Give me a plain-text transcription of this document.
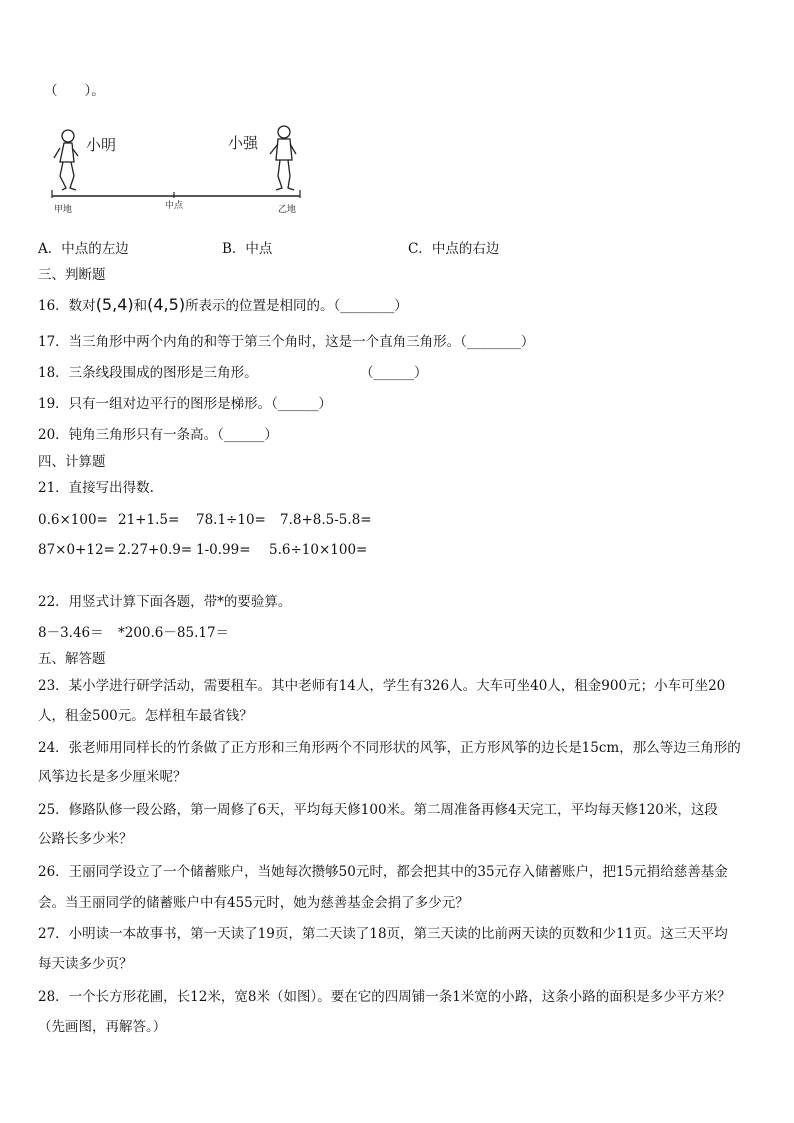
（　　）。
小明	小强
甲地	中点	乙地
A．中点的左边	B．中点	C．中点的右边
三、判断题
16．数对(5,4)和(4,5)所表示的位置是相同的。（________）
17．当三角形中两个内角的和等于第三个角时，这是一个直角三角形。（________）
18．三条线段围成的图形是三角形。	（______）
19．只有一组对边平行的图形是梯形。（______）
20．钝角三角形只有一条高。（______）
四、计算题
21．直接写出得数.
0.6×100= 21+1.5= 78.1÷10= 7.8+8.5-5.8=
87×0+12= 2.27+0.9= 1-0.99= 5.6÷10×100=
22．用竖式计算下面各题，带*的要验算。
8－3.46＝ *200.6－85.17＝
五、解答题
23．某小学进行研学活动，需要租车。其中老师有14人，学生有326人。大车可坐40人，租金900元；小车可坐20
人，租金500元。怎样租车最省钱？
24．张老师用同样长的竹条做了正方形和三角形两个不同形状的风筝，正方形风筝的边长是15cm，那么等边三角形的
风筝边长是多少厘米呢？
25．修路队修一段公路，第一周修了6天，平均每天修100米。第二周准备再修4天完工，平均每天修120米，这段
公路长多少米？
26．王丽同学设立了一个储蓄账户，当她每次攒够50元时，都会把其中的35元存入储蓄账户，把15元捐给慈善基金
会。当王丽同学的储蓄账户中有455元时，她为慈善基金会捐了多少元？
27．小明读一本故事书，第一天读了19页，第二天读了18页，第三天读的比前两天读的页数和少11页。这三天平均
每天读多少页？
28．一个长方形花圃，长12米，宽8米（如图）。要在它的四周铺一条1米宽的小路，这条小路的面积是多少平方米？
（先画图，再解答。）
